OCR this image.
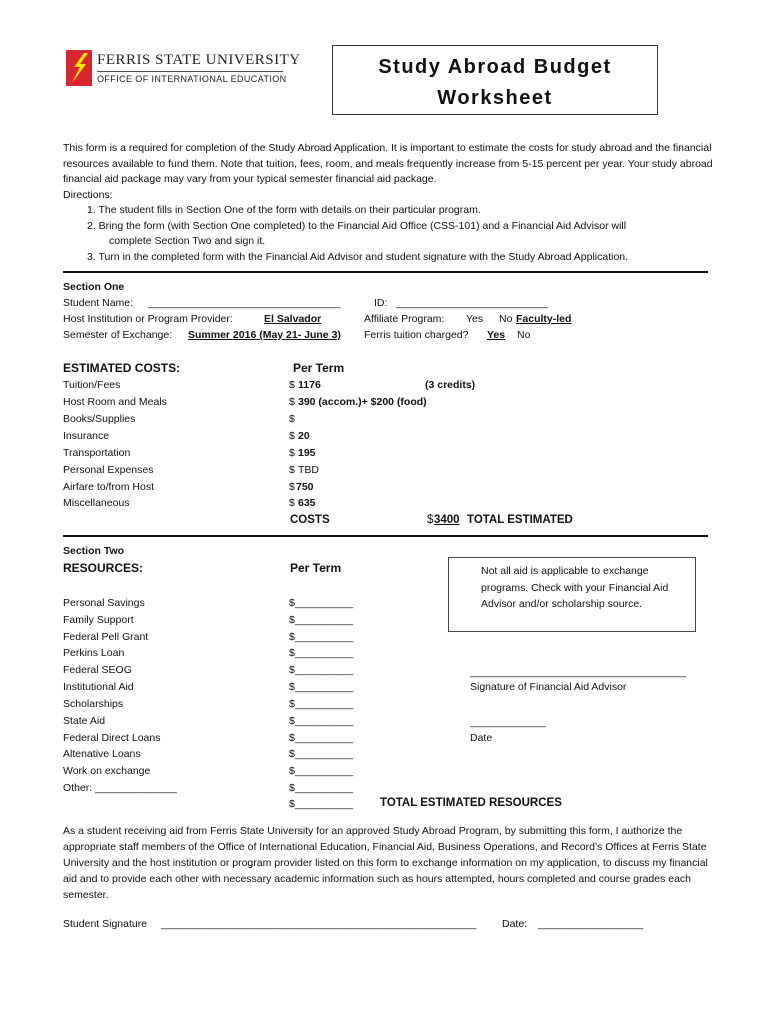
FERRIS STATE UNIVERSITY
OFFICE OF INTERNATIONAL EDUCATION
Study Abroad Budget
Worksheet
This form is a required for completion of the Study Abroad Application. It is important to estimate the costs for study abroad and the financial resources available to fund them. Note that tuition, fees, room, and meals frequently increase from 5-15 percent per year. Your study abroad financial aid package may vary from your typical semester financial aid package.
Directions:
1. The student fills in Section One of the form with details on their particular program.
2. Bring the form (with Section One completed) to the Financial Aid Office (CSS-101) and a Financial Aid Advisor will
complete Section Two and sign it.
3. Turn in the completed form with the Financial Aid Advisor and student signature with the Study Abroad Application.
Section One
Student Name: _________________________________	ID: __________________________
Host Institution or Program Provider:	El Salvador	Affiliate Program: Yes No Faculty-led
Semester of Exchange: Summer 2016 (May 21- June 3) Ferris tuition charged? Yes No
ESTIMATED COSTS:	Per Term
Tuition/Fees	$ 1176	(3 credits)
Host Room and Meals	$ 390 (accom.)+ $200 (food)
Books/Supplies	$
Insurance	$ 20
Transportation	$ 195
Personal Expenses	$ TBD
Airfare to/from Host	$ 750
Miscellaneous	$ 635
COSTS	$ 3400 TOTAL ESTIMATED
Section Two
RESOURCES:	Per Term	Not all aid is applicable to exchange programs. Check with your Financial Aid Advisor and/or scholarship source.
Personal Savings	$__________
Family Support	$__________
Federal Pell Grant	$__________
Perkins Loan	$__________
Federal SEOG	$__________
Institutional Aid	$__________
Scholarships	$__________
State Aid	$__________
Federal Direct Loans	$__________
Altenative Loans	$__________
Work on exchange	$__________
Other: ______________	$__________
$__________ TOTAL ESTIMATED RESOURCES
_____________________________________
Signature of Financial Aid Advisor
_____________
Date
As a student receiving aid from Ferris State University for an approved Study Abroad Program, by submitting this form, I authorize the appropriate staff members of the Office of International Education, Financial Aid, Business Operations, and Record’s Offices at Ferris State University and the host institution or program provider listed on this form to exchange information on my application, to discuss my financial aid and to provide each other with necessary academic information such as hours attempted, hours completed and course grades each semester.
Student Signature ______________________________________________________ Date: __________________
